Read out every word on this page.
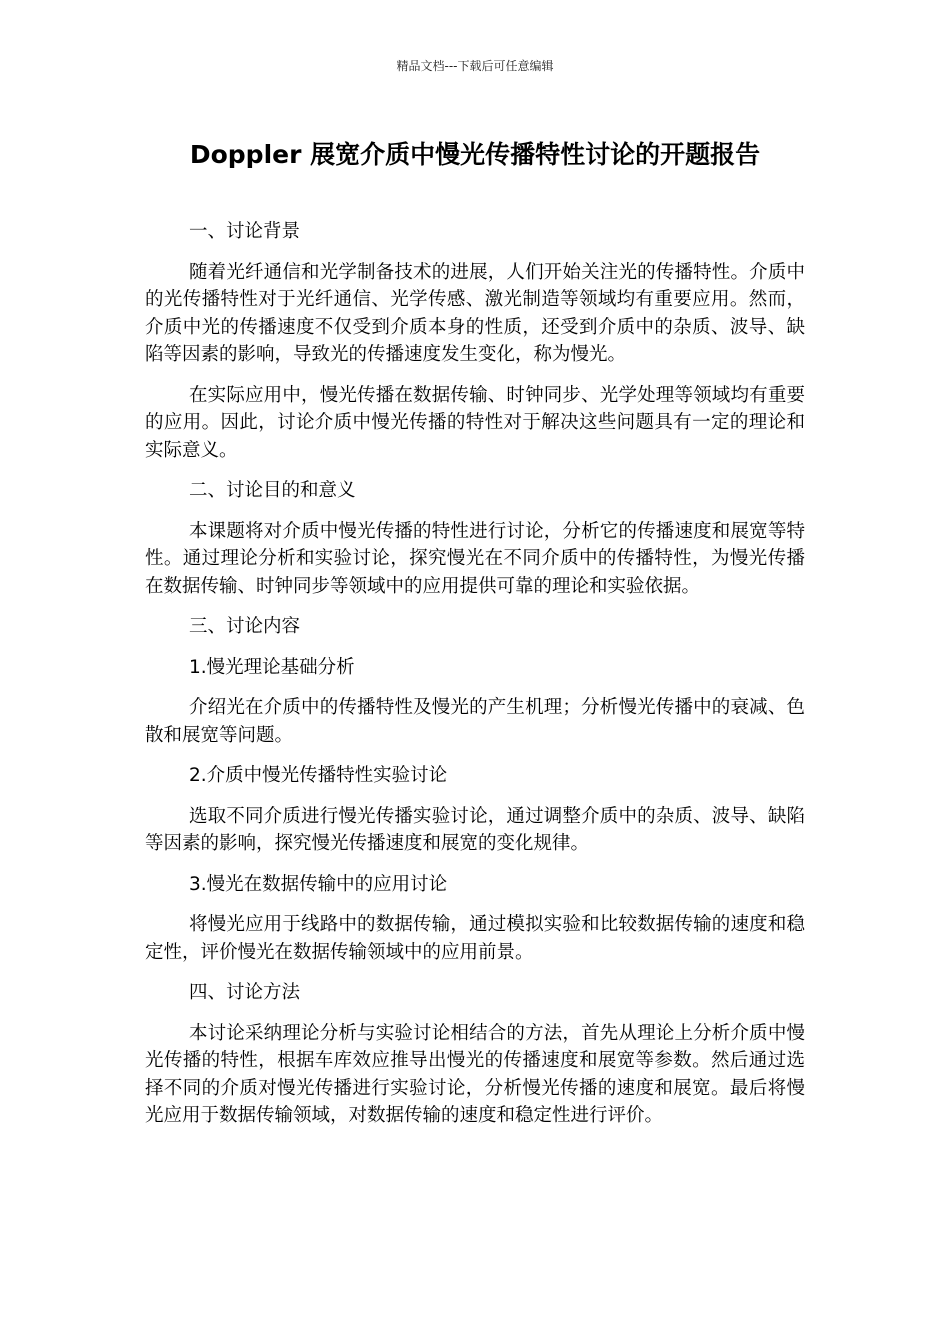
精品文档---下载后可任意编辑
Doppler 展宽介质中慢光传播特性讨论的开题报告

一、讨论背景

随着光纤通信和光学制备技术的进展，人们开始关注光的传播特性。介质中的光传播特性对于光纤通信、光学传感、激光制造等领域均有重要应用。然而，介质中光的传播速度不仅受到介质本身的性质，还受到介质中的杂质、波导、缺陷等因素的影响，导致光的传播速度发生变化，称为慢光。

在实际应用中，慢光传播在数据传输、时钟同步、光学处理等领域均有重要的应用。因此，讨论介质中慢光传播的特性对于解决这些问题具有一定的理论和实际意义。

二、讨论目的和意义

本课题将对介质中慢光传播的特性进行讨论，分析它的传播速度和展宽等特性。通过理论分析和实验讨论，探究慢光在不同介质中的传播特性，为慢光传播在数据传输、时钟同步等领域中的应用提供可靠的理论和实验依据。

三、讨论内容

1.慢光理论基础分析

介绍光在介质中的传播特性及慢光的产生机理；分析慢光传播中的衰减、色散和展宽等问题。

2.介质中慢光传播特性实验讨论

选取不同介质进行慢光传播实验讨论，通过调整介质中的杂质、波导、缺陷等因素的影响，探究慢光传播速度和展宽的变化规律。

3.慢光在数据传输中的应用讨论

将慢光应用于线路中的数据传输，通过模拟实验和比较数据传输的速度和稳定性，评价慢光在数据传输领域中的应用前景。

四、讨论方法

本讨论采纳理论分析与实验讨论相结合的方法，首先从理论上分析介质中慢光传播的特性，根据车库效应推导出慢光的传播速度和展宽等参数。然后通过选择不同的介质对慢光传播进行实验讨论，分析慢光传播的速度和展宽。最后将慢光应用于数据传输领域，对数据传输的速度和稳定性进行评价。
